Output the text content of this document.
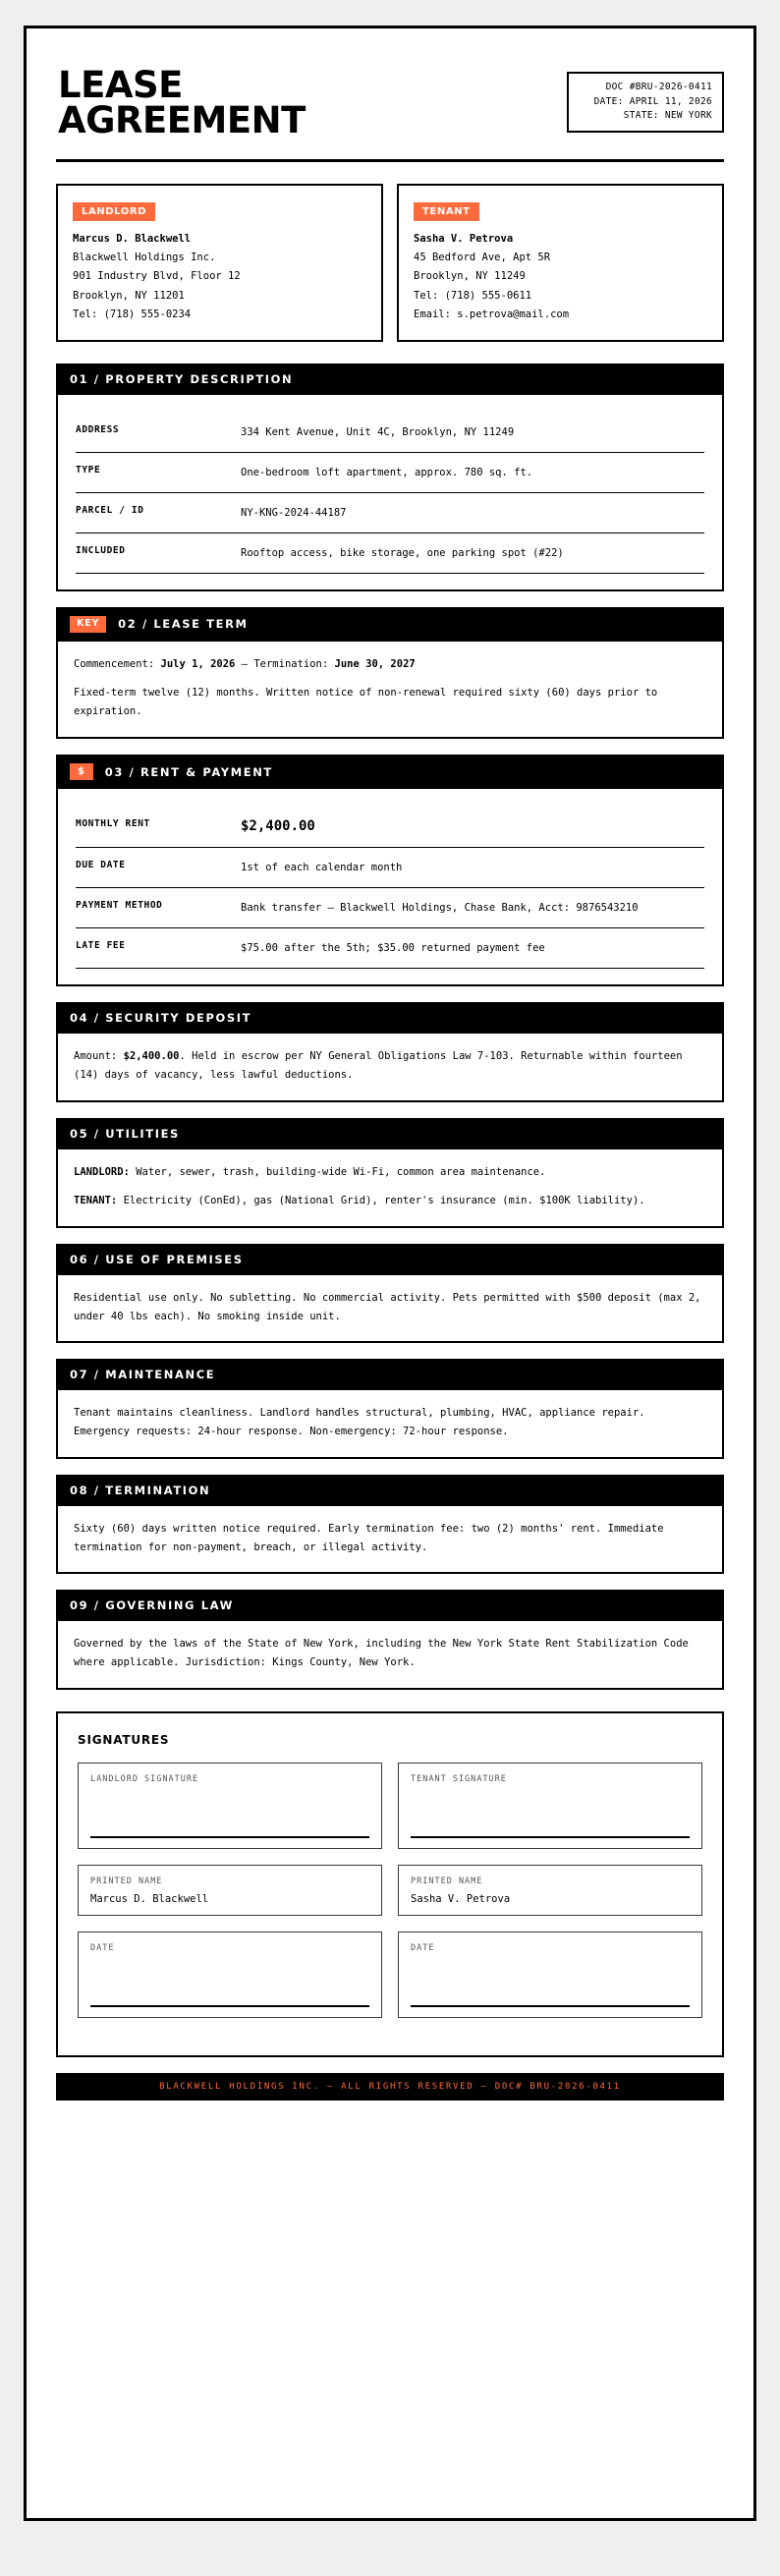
LEASE AGREEMENT
DOC #BRU-2026-0411
DATE: APRIL 11, 2026
STATE: NEW YORK
LANDLORD
Marcus D. Blackwell
Blackwell Holdings Inc.
901 Industry Blvd, Floor 12
Brooklyn, NY 11201
Tel: (718) 555-0234
TENANT
Sasha V. Petrova
45 Bedford Ave, Apt 5R
Brooklyn, NY 11249
Tel: (718) 555-0611
Email: s.petrova@mail.com
01 / PROPERTY DESCRIPTION
ADDRESS	334 Kent Avenue, Unit 4C, Brooklyn, NY 11249
TYPE	One-bedroom loft apartment, approx. 780 sq. ft.
PARCEL / ID	NY-KNG-2024-44187
INCLUDED	Rooftop access, bike storage, one parking spot (#22)
KEY	02 / LEASE TERM

Commencement: July 1, 2026 — Termination: June 30, 2027

Fixed-term twelve (12) months. Written notice of non-renewal required sixty (60) days prior to expiration.

$	03 / RENT & PAYMENT
MONTHLY RENT	$2,400.00
DUE DATE	1st of each calendar month
PAYMENT METHOD	Bank transfer — Blackwell Holdings, Chase Bank, Acct: 9876543210
LATE FEE	$75.00 after the 5th; $35.00 returned payment fee
04 / SECURITY DEPOSIT

Amount: $2,400.00. Held in escrow per NY General Obligations Law 7-103. Returnable within fourteen (14) days of vacancy, less lawful deductions.

05 / UTILITIES

LANDLORD: Water, sewer, trash, building-wide Wi-Fi, common area maintenance.

TENANT: Electricity (ConEd), gas (National Grid), renter's insurance (min. $100K liability).

06 / USE OF PREMISES

Residential use only. No subletting. No commercial activity. Pets permitted with $500 deposit (max 2, under 40 lbs each). No smoking inside unit.

07 / MAINTENANCE

Tenant maintains cleanliness. Landlord handles structural, plumbing, HVAC, appliance repair. Emergency requests: 24-hour response. Non-emergency: 72-hour response.

08 / TERMINATION

Sixty (60) days written notice required. Early termination fee: two (2) months' rent. Immediate termination for non-payment, breach, or illegal activity.

09 / GOVERNING LAW

Governed by the laws of the State of New York, including the New York State Rent Stabilization Code where applicable. Jurisdiction: Kings County, New York.

SIGNATURES
LANDLORD SIGNATURE	TENANT SIGNATURE
PRINTED NAME
Marcus D. Blackwell
PRINTED NAME
Sasha V. Petrova
DATE	DATE
BLACKWELL HOLDINGS INC. — ALL RIGHTS RESERVED — DOC# BRU-2026-0411
